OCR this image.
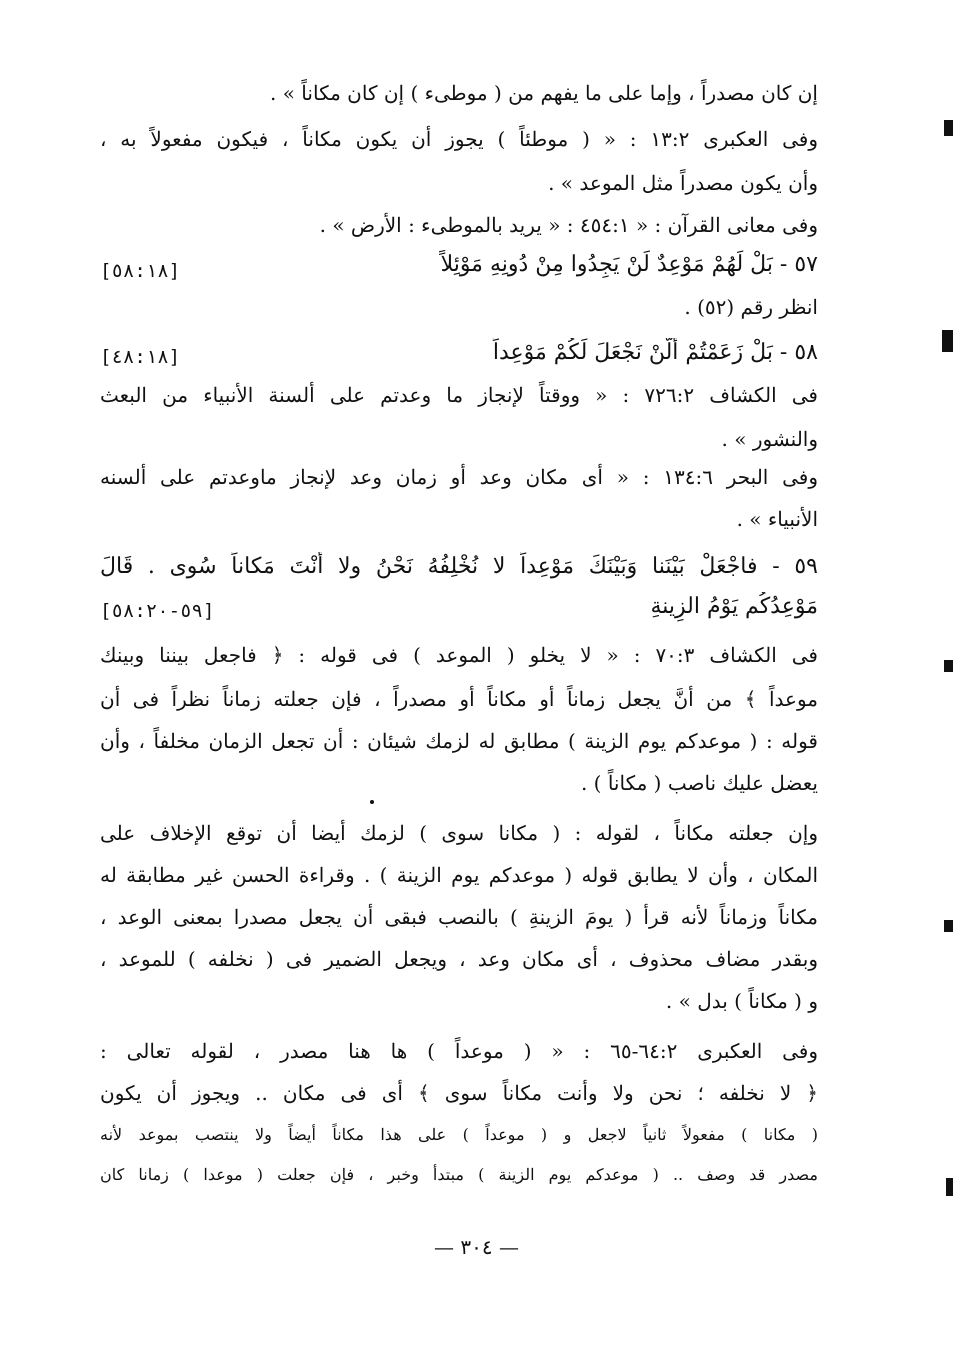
إن كان مصدراً ، وإما على ما يفهم من ( موطىء ) إن كان مكاناً » .
وفى العكبرى ١٣:٢ : « ( موطئاً ) يجوز أن يكون مكاناً ، فيكون مفعولاً به ،
وأن يكون مصدراً مثل الموعد » .
وفى معانى القرآن : « ٤٥٤:١ : « يريد بالموطىء : الأرض » .
٥٧ - بَلْ لَهُمْ مَوْعِدٌ لَنْ يَجِدُوا مِنْ دُونِهِ مَوْئِلاً
[٥٨:١٨]
انظر رقم (٥٢) .
٥٨ - بَلْ زَعَمْتُمْ أَلَّنْ نَجْعَلَ لَكُمْ مَوْعِداً
[٤٨:١٨]
فى الكشاف ٧٢٦:٢ : « ووقتاً لإنجاز ما وعدتم على ألسنة الأنبياء من البعث
والنشور » .
وفى البحر ١٣٤:٦ : « أى مكان وعد أو زمان وعد لإنجاز ماوعدتم على ألسنه
الأنبياء » .
٥٩ - فاجْعَلْ بَيْنَنا وَبَيْنَكَ مَوْعِداً لا نُخْلِفُهُ نَحْنُ ولا أَنْتَ مَكاناً سُوى . قَالَ
مَوْعِدُكُم يَوْمُ الزِينةِ
[٥٩-٥٨:٢٠]
فى الكشاف ٧٠:٣ : « لا يخلو ( الموعد ) فى قوله : ﴿ فاجعل بيننا وبينك
موعداً ﴾ من أنَّ يجعل زماناً أو مكاناً أو مصدراً ، فإن جعلته زماناً نظراً فى أن
قوله : ( موعدكم يوم الزينة ) مطابق له لزمك شيئان : أن تجعل الزمان مخلفاً ، وأن
يعضل عليك ناصب ( مكاناً ) .
وإن جعلته مكاناً ، لقوله : ( مكانا سوى ) لزمك أيضا أن توقع الإخلاف على
المكان ، وأن لا يطابق قوله ( موعدكم يوم الزينة ) . وقراءة الحسن غير مطابقة له
مكاناً وزماناً لأنه قرأ ( يومَ الزينةِ ) بالنصب فبقى أن يجعل مصدرا بمعنى الوعد ،
وبقدر مضاف محذوف ، أى مكان وعد ، ويجعل الضمير فى ( نخلفه ) للموعد ،
و ( مكاناً ) بدل » .
وفى العكبرى ٦٤:٢-٦٥ : « ( موعداً ) ها هنا مصدر ، لقوله تعالى :
﴿ لا نخلفه ؛ نحن ولا وأنت مكاناً سوى ﴾ أى فى مكان .. ويجوز أن يكون
( مكانا ) مفعولاً ثانياً لاجعل و ( موعداً ) على هذا مكاناً أيضاً ولا ينتصب بموعد لأنه
مصدر قد وصف .. ( موعدكم يوم الزينة ) مبتدأ وخبر ، فإن جعلت ( موعدا ) زمانا كان
— ٣٠٤ —
